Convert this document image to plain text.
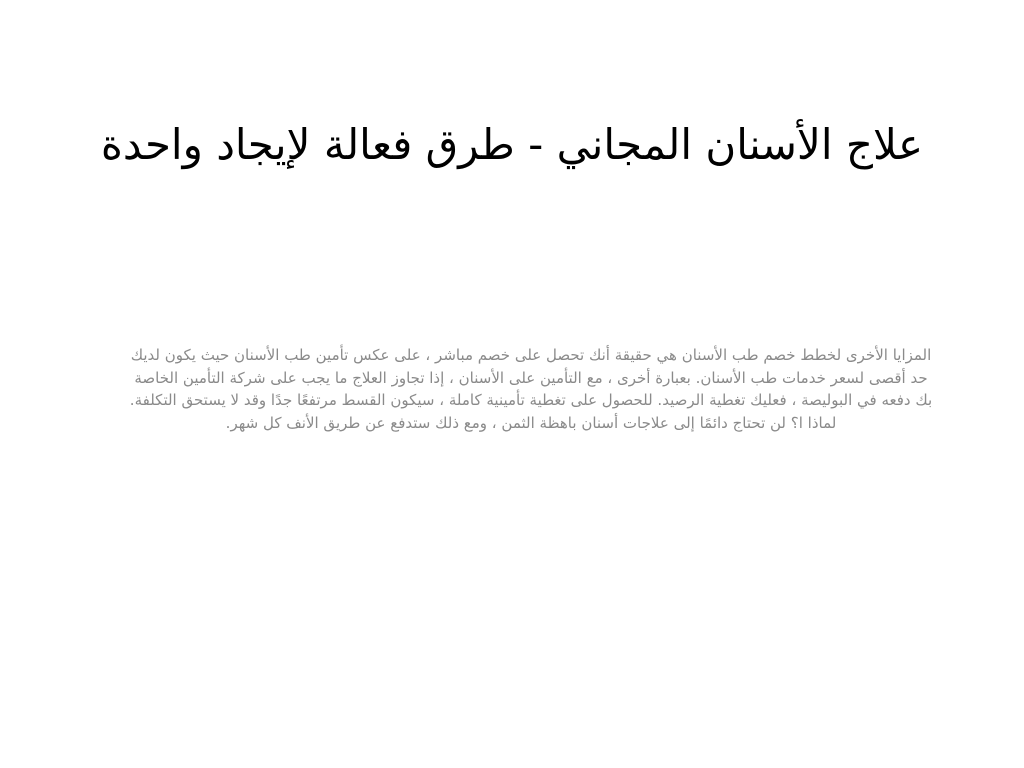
علاج الأسنان المجاني - طرق فعالة لإيجاد واحدة

المزايا الأخرى لخطط خصم طب الأسنان هي حقيقة أنك تحصل على خصم مباشر ، على عكس تأمين طب الأسنان حيث يكون لديك حد أقصى لسعر خدمات طب الأسنان. بعبارة أخرى ، مع التأمين على الأسنان ، إذا تجاوز العلاج ما يجب على شركة التأمين الخاصة بك دفعه في البوليصة ، فعليك تغطية الرصيد. للحصول على تغطية تأمينية كاملة ، سيكون القسط مرتفعًا جدًا وقد لا يستحق التكلفة. لماذا ا؟ لن تحتاج دائمًا إلى علاجات أسنان باهظة الثمن ، ومع ذلك ستدفع عن طريق الأنف كل شهر.
